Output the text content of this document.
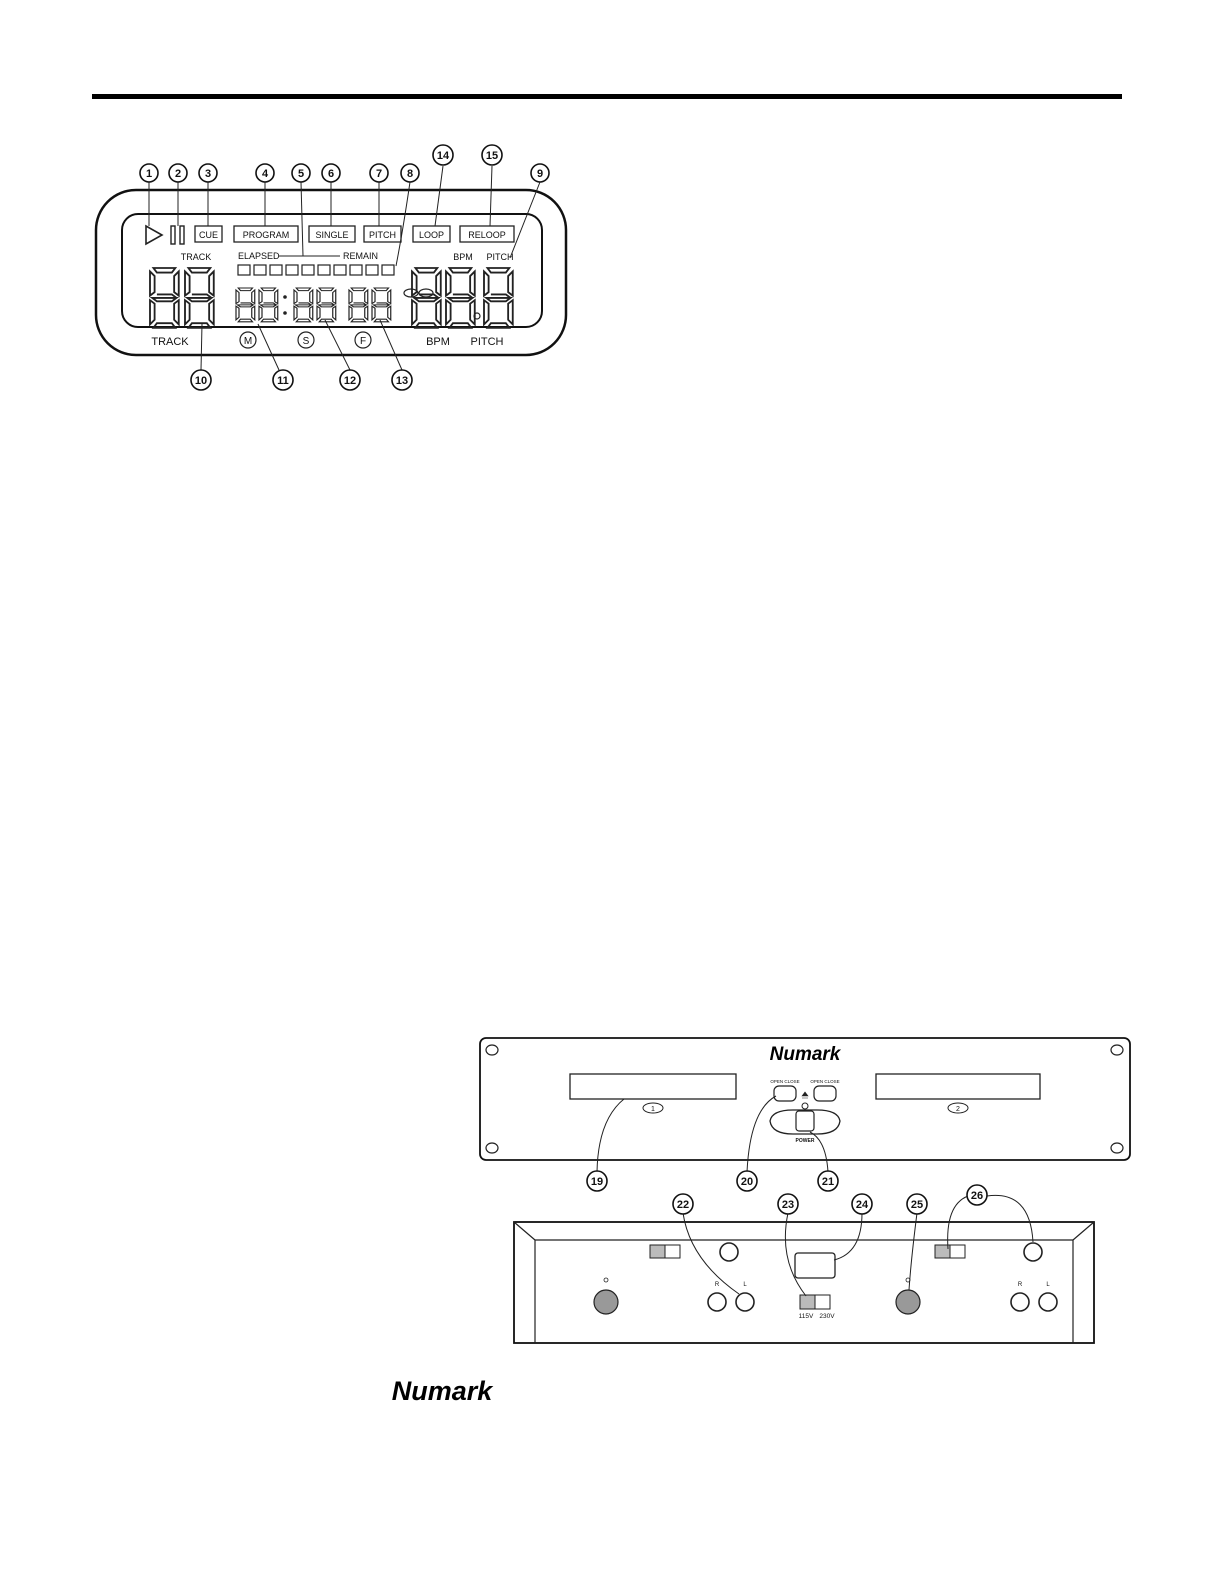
CUE	PROGRAM	SINGLE PITCH	LOOP	RELOOP
TRACK	ELAPSED	REMAIN	BPM PITCH
TRACK	M	S	F	BPM PITCH
1 2 3	4	5 6	7 8	9
10	11	12	13
14	15
Numark
1	2
OPEN CLOSE OPEN CLOSE
POWER
19	20	21
R	L
115V 230V
R	L
22	23	24	25
26
Numark
